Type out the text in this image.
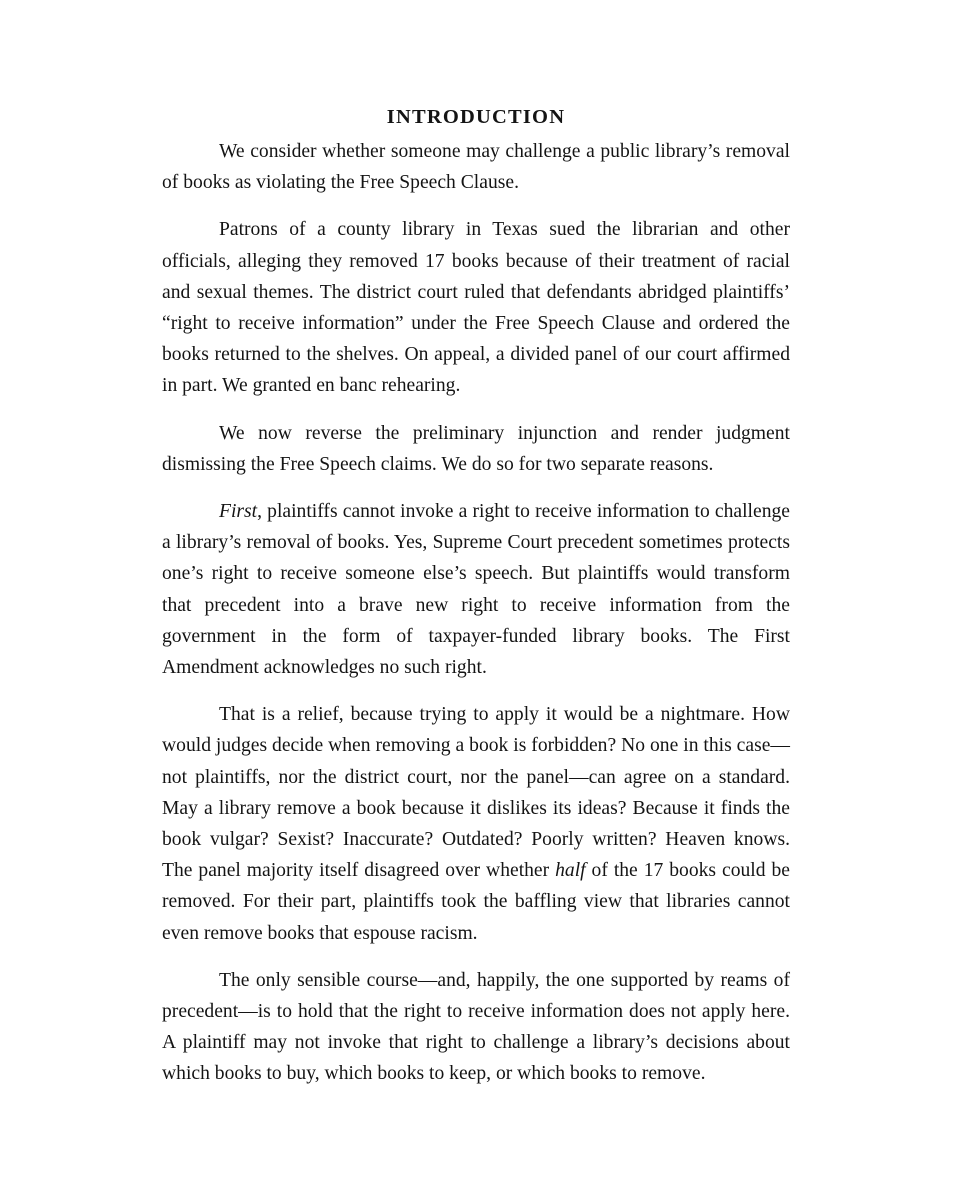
INTRODUCTION

We consider whether someone may challenge a public library’s removal of books as violating the Free Speech Clause.

Patrons of a county library in Texas sued the librarian and other officials, alleging they removed 17 books because of their treatment of racial and sexual themes. The district court ruled that defendants abridged plaintiffs’ “right to receive information” under the Free Speech Clause and ordered the books returned to the shelves. On appeal, a divided panel of our court affirmed in part. We granted en banc rehearing.

We now reverse the preliminary injunction and render judgment dismissing the Free Speech claims. We do so for two separate reasons.

First, plaintiffs cannot invoke a right to receive information to challenge a library’s removal of books. Yes, Supreme Court precedent sometimes protects one’s right to receive someone else’s speech. But plaintiffs would transform that precedent into a brave new right to receive information from the government in the form of taxpayer-funded library books. The First Amendment acknowledges no such right.

That is a relief, because trying to apply it would be a nightmare. How would judges decide when removing a book is forbidden? No one in this case—not plaintiffs, nor the district court, nor the panel—can agree on a standard. May a library remove a book because it dislikes its ideas? Because it finds the book vulgar? Sexist? Inaccurate? Outdated? Poorly written? Heaven knows. The panel majority itself disagreed over whether half of the 17 books could be removed. For their part, plaintiffs took the baffling view that libraries cannot even remove books that espouse racism.

The only sensible course—and, happily, the one supported by reams of precedent—is to hold that the right to receive information does not apply here. A plaintiff may not invoke that right to challenge a library’s decisions about which books to buy, which books to keep, or which books to remove.
